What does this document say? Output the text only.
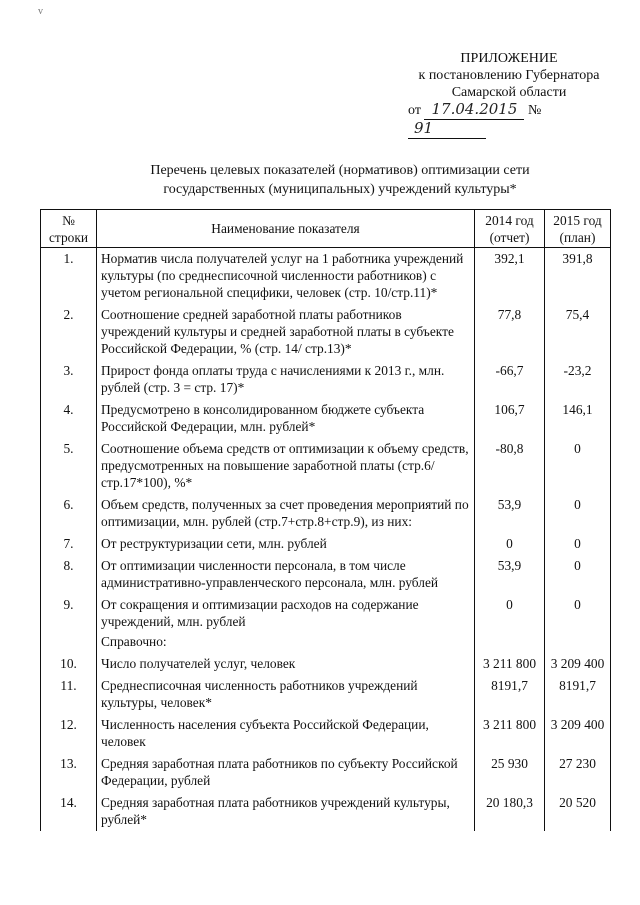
v
ПРИЛОЖЕНИЕ
к постановлению Губернатора
Самарской области
от 17.04.2015 № 91
Перечень целевых показателей (нормативов) оптимизации сети
государственных (муниципальных) учреждений культуры*
№ строки	Наименование показателя	2014 год (отчет)	2015 год (план)
1.	Норматив числа получателей услуг на 1 работника учреждений культуры (по среднесписочной численности работников) с учетом региональной специфики, человек (стр. 10/стр.11)*	392,1	391,8
2.	Соотношение средней заработной платы работников учреждений культуры и средней заработной платы в субъекте Российской Федерации, % (стр. 14/ стр.13)*	77,8	75,4
3.	Прирост фонда оплаты труда с начислениями к 2013 г., млн. рублей (стр. 3 = стр. 17)*	-66,7	-23,2
4.	Предусмотрено в консолидированном бюджете субъекта Российской Федерации, млн. рублей*	106,7	146,1
5.	Соотношение объема средств от оптимизации к объему средств, предусмотренных на повышение заработной платы (стр.6/стр.17*100), %*	-80,8	0
6.	Объем средств, полученных за счет проведения мероприятий по оптимизации, млн. рублей (стр.7+стр.8+стр.9), из них:	53,9	0
7.	От реструктуризации сети, млн. рублей	0	0
8.	От оптимизации численности персонала, в том числе административно-управленческого персонала, млн. рублей	53,9	0
9.	От сокращения и оптимизации расходов на содержание учреждений, млн. рублей	0	0
	Справочно:		
10.	Число получателей услуг, человек	3 211 800	3 209 400
11.	Среднесписочная численность работников учреждений культуры, человек*	8191,7	8191,7
12.	Численность населения субъекта Российской Федерации, человек	3 211 800	3 209 400
13.	Средняя заработная плата работников по субъекту Российской Федерации, рублей	25 930	27 230
14.	Средняя заработная плата работников учреждений культуры, рублей*	20 180,3	20 520
